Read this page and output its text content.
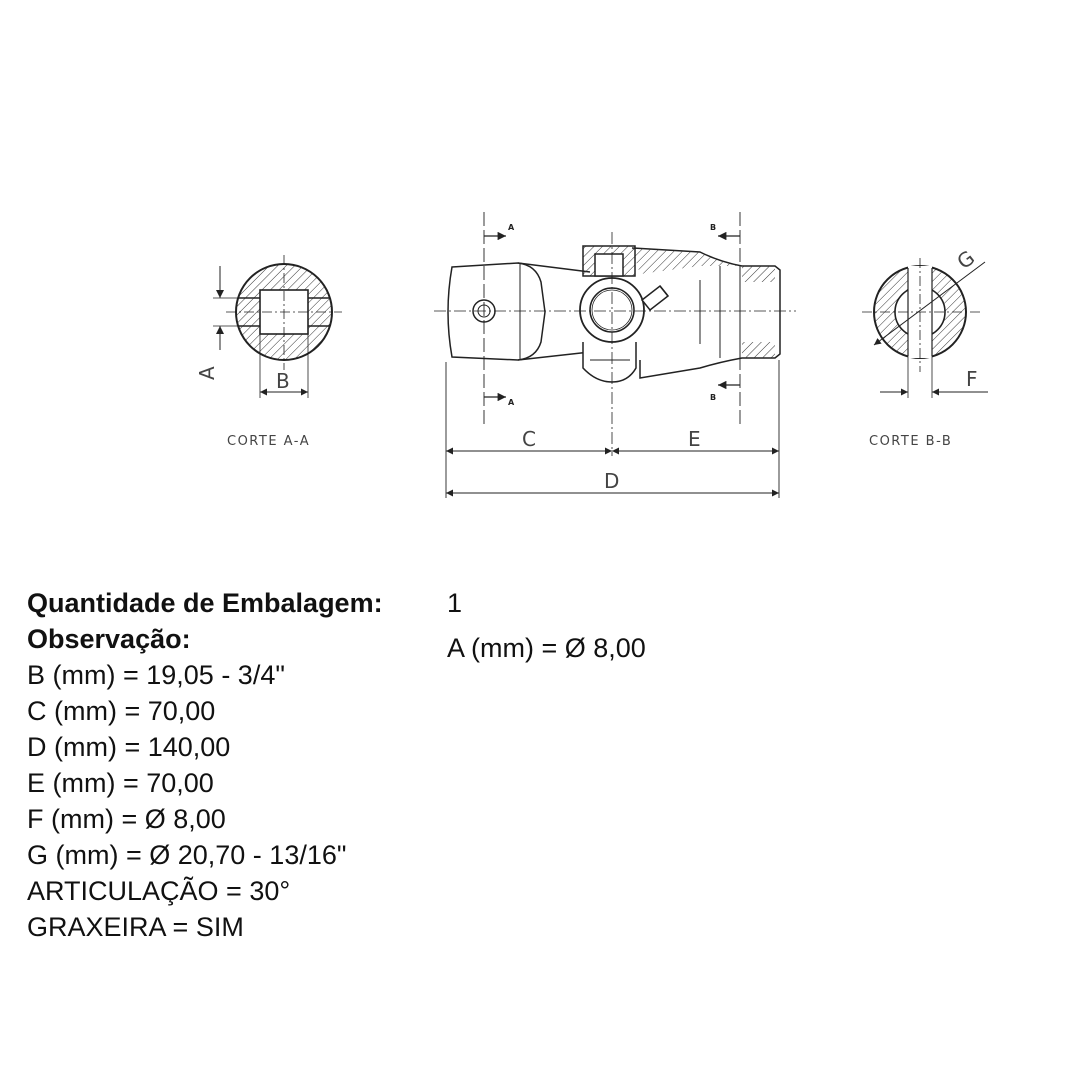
A	B
CORTE A-A
A
A
B
B
C	E
D
G
F
CORTE B-B
Quantidade de Embalagem: 1
Observação:	A (mm) = Ø 8,00
B (mm) = 19,05 - 3/4"
C (mm) = 70,00
D (mm) = 140,00
E (mm) = 70,00
F (mm) = Ø 8,00
G (mm) = Ø 20,70 - 13/16"
ARTICULAÇÃO = 30°
GRAXEIRA = SIM
